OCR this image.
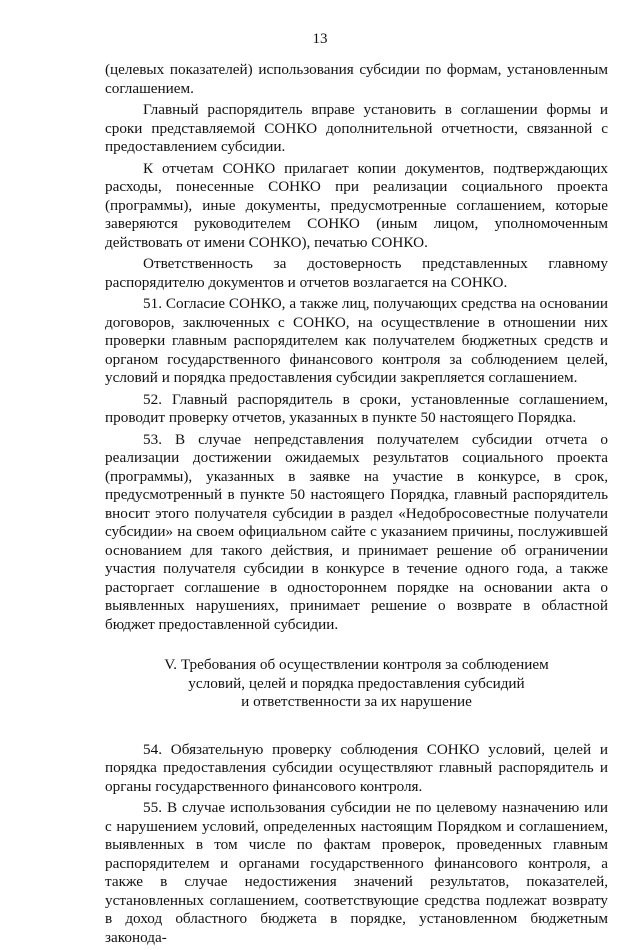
13

(целевых показателей) использования субсидии по формам, установленным соглашением.

Главный распорядитель вправе установить в соглашении формы и сроки представляемой СОНКО дополнительной отчетности, связанной с предоставлением субсидии.

К отчетам СОНКО прилагает копии документов, подтверждающих расходы, понесенные СОНКО при реализации социального проекта (программы), иные документы, предусмотренные соглашением, которые заверяются руководителем СОНКО (иным лицом, уполномоченным действовать от имени СОНКО), печатью СОНКО.

Ответственность за достоверность представленных главному распорядителю документов и отчетов возлагается на СОНКО.

51. Согласие СОНКО, а также лиц, получающих средства на основании договоров, заключенных с СОНКО, на осуществление в отношении них проверки главным распорядителем как получателем бюджетных средств и органом государственного финансового контроля за соблюдением целей, условий и порядка предоставления субсидии закрепляется соглашением.

52. Главный распорядитель в сроки, установленные соглашением, проводит проверку отчетов, указанных в пункте 50 настоящего Порядка.

53. В случае непредставления получателем субсидии отчета о реализации достижении ожидаемых результатов социального проекта (программы), указанных в заявке на участие в конкурсе, в срок, предусмотренный в пункте 50 настоящего Порядка, главный распорядитель вносит этого получателя субсидии в раздел «Недобросовестные получатели субсидии» на своем официальном сайте с указанием причины, послужившей основанием для такого действия, и принимает решение об ограничении участия получателя субсидии в конкурсе в течение одного года, а также расторгает соглашение в одностороннем порядке на основании акта о выявленных нарушениях, принимает решение о возврате в областной бюджет предоставленной субсидии.

V. Требования об осуществлении контроля за соблюдением
условий, целей и порядка предоставления субсидий
и ответственности за их нарушение

54. Обязательную проверку соблюдения СОНКО условий, целей и порядка предоставления субсидии осуществляют главный распорядитель и органы государственного финансового контроля.

55. В случае использования субсидии не по целевому назначению или с нарушением условий, определенных настоящим Порядком и соглашением, выявленных в том числе по фактам проверок, проведенных главным распорядителем и органами государственного финансового контроля, а также в случае недостижения значений результатов, показателей, установленных соглашением, соответствующие средства подлежат возврату в доход областного бюджета в порядке, установленном бюджетным законода-
